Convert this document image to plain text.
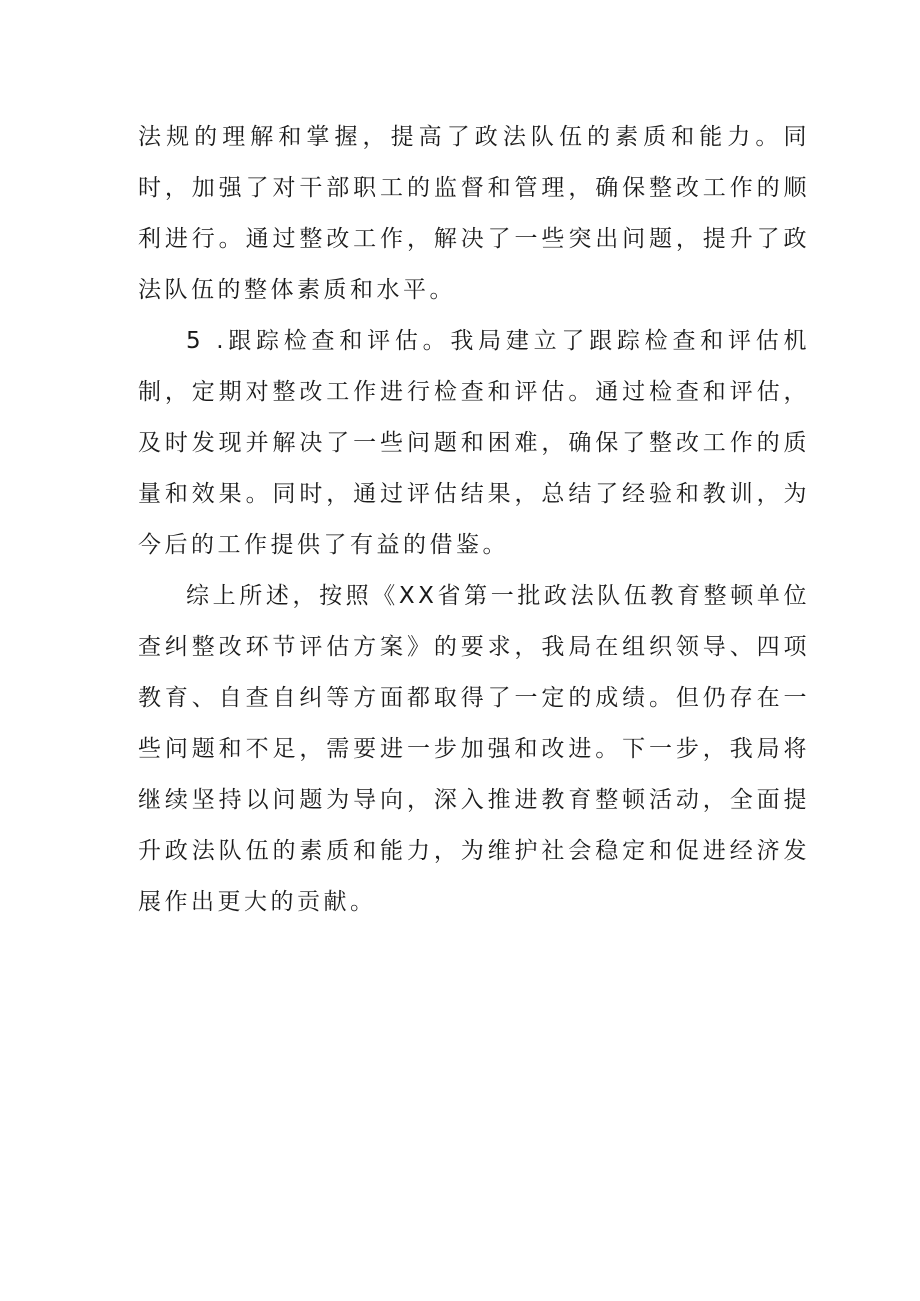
法规的理解和掌握，提高了政法队伍的素质和能力。同时，加强了对干部职工的监督和管理，确保整改工作的顺利进行。通过整改工作，解决了一些突出问题，提升了政法队伍的整体素质和水平。

5 .跟踪检查和评估。我局建立了跟踪检查和评估机制，定期对整改工作进行检查和评估。通过检查和评估，及时发现并解决了一些问题和困难，确保了整改工作的质量和效果。同时，通过评估结果，总结了经验和教训，为今后的工作提供了有益的借鉴。

综上所述，按照《XX省第一批政法队伍教育整顿单位查纠整改环节评估方案》的要求，我局在组织领导、四项教育、自查自纠等方面都取得了一定的成绩。但仍存在一些问题和不足，需要进一步加强和改进。下一步，我局将继续坚持以问题为导向，深入推进教育整顿活动，全面提升政法队伍的素质和能力，为维护社会稳定和促进经济发展作出更大的贡献。
